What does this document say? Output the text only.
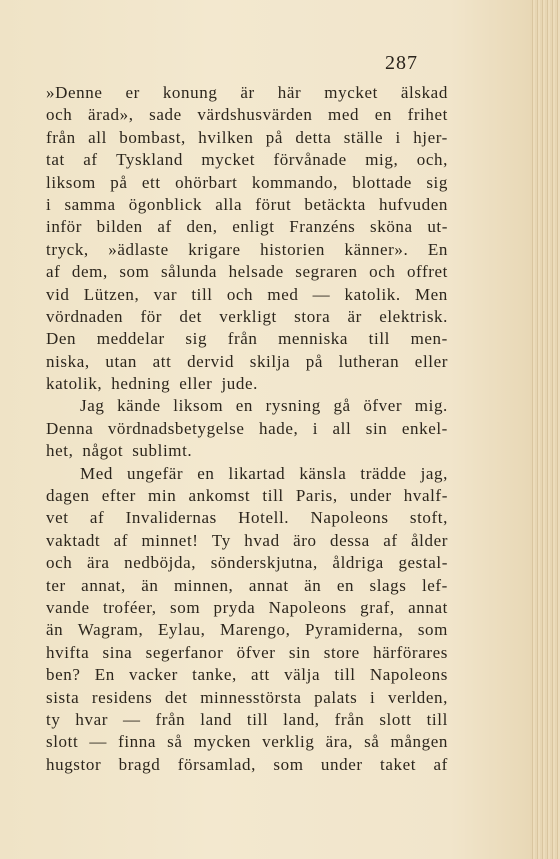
287
»Denne er konung är här mycket älskad
och ärad», sade värdshusvärden med en frihet
från all bombast, hvilken på detta ställe i hjer-
tat af Tyskland mycket förvånade mig, och,
liksom på ett ohörbart kommando, blottade sig
i samma ögonblick alla förut betäckta hufvuden
inför bilden af den, enligt Franzéns sköna ut-
tryck, »ädlaste krigare historien känner». En
af dem, som sålunda helsade segraren och offret
vid Lützen, var till och med — katolik. Men
vördnaden för det verkligt stora är elektrisk.
Den meddelar sig från menniska till men-
niska, utan att dervid skilja på lutheran eller
katolik, hedning eller jude.
Jag kände liksom en rysning gå öfver mig.
Denna vördnadsbetygelse hade, i all sin enkel-
het, något sublimt.
Med ungefär en likartad känsla trädde jag,
dagen efter min ankomst till Paris, under hvalf-
vet af Invalidernas Hotell. Napoleons stoft,
vaktadt af minnet! Ty hvad äro dessa af ålder
och ära nedböjda, sönderskjutna, åldriga gestal-
ter annat, än minnen, annat än en slags lef-
vande troféer, som pryda Napoleons graf, annat
än Wagram, Eylau, Marengo, Pyramiderna, som
hvifta sina segerfanor öfver sin store härförares
ben? En vacker tanke, att välja till Napoleons
sista residens det minnesstörsta palats i verlden,
ty hvar — från land till land, från slott till
slott — finna så mycken verklig ära, så mången
hugstor bragd församlad, som under taket af
